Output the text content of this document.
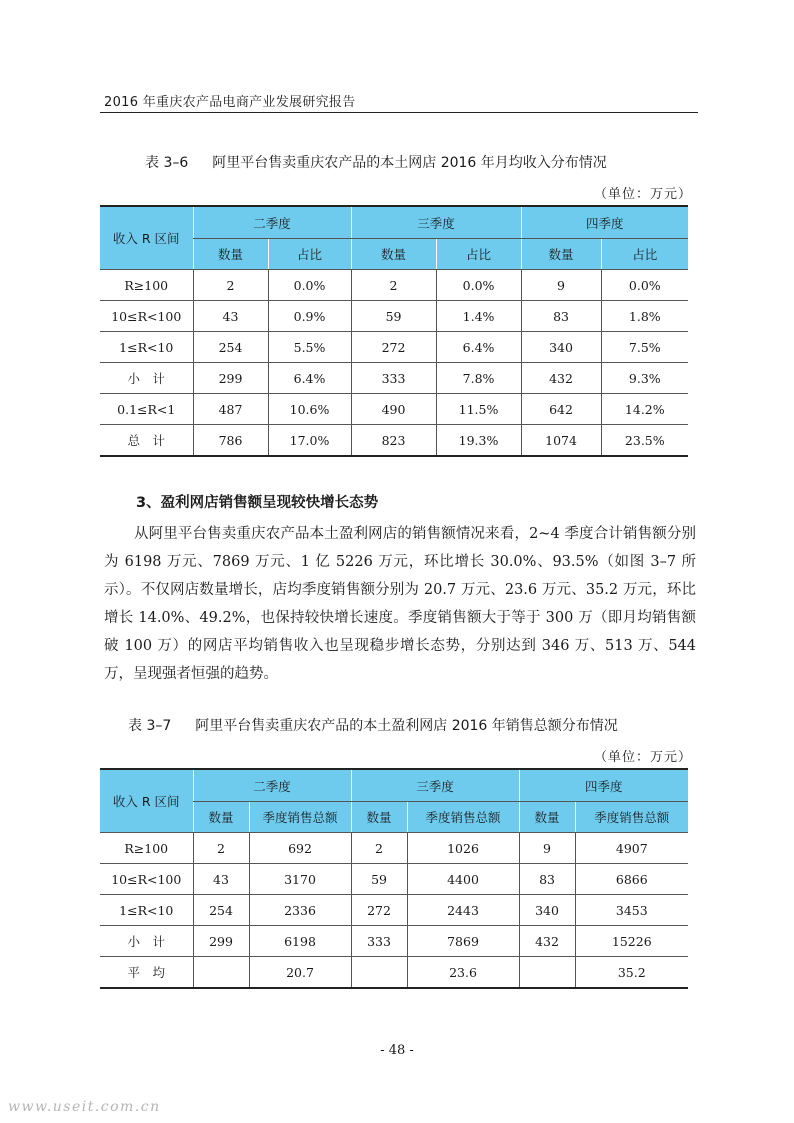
2016 年重庆农产品电商产业发展研究报告
表 3–6 阿里平台售卖重庆农产品的本土网店 2016 年月均收入分布情况
（单位：万元）
收入 R 区间	二季度		三季度		四季度	
	数量	占比	数量	占比	数量	占比
R≥100	2	0.0%	2	0.0%	9	0.0%
10≤R<100	43	0.9%	59	1.4%	83	1.8%
1≤R<10	254	5.5%	272	6.4%	340	7.5%
小　计	299	6.4%	333	7.8%	432	9.3%
0.1≤R<1	487	10.6%	490	11.5%	642	14.2%
总　计	786	17.0%	823	19.3%	1074	23.5%
3、盈利网店销售额呈现较快增长态势

从阿里平台售卖重庆农产品本土盈利网店的销售额情况来看，2~4 季度合计销售额分别为 6198 万元、7869 万元、1 亿 5226 万元，环比增长 30.0%、93.5%（如图 3–7 所示）。不仅网店数量增长，店均季度销售额分别为 20.7 万元、23.6 万元、35.2 万元，环比增长 14.0%、49.2%，也保持较快增长速度。季度销售额大于等于 300 万（即月均销售额破 100 万）的网店平均销售收入也呈现稳步增长态势，分别达到 346 万、513 万、544 万，呈现强者恒强的趋势。

表 3–7 阿里平台售卖重庆农产品的本土盈利网店 2016 年销售总额分布情况
（单位：万元）
收入 R 区间	二季度		三季度		四季度	
	数量	季度销售总额	数量	季度销售总额	数量	季度销售总额
R≥100	2	692	2	1026	9	4907
10≤R<100	43	3170	59	4400	83	6866
1≤R<10	254	2336	272	2443	340	3453
小　计	299	6198	333	7869	432	15226
平　均		20.7		23.6		35.2
- 48 -
www.useit.com.cn
